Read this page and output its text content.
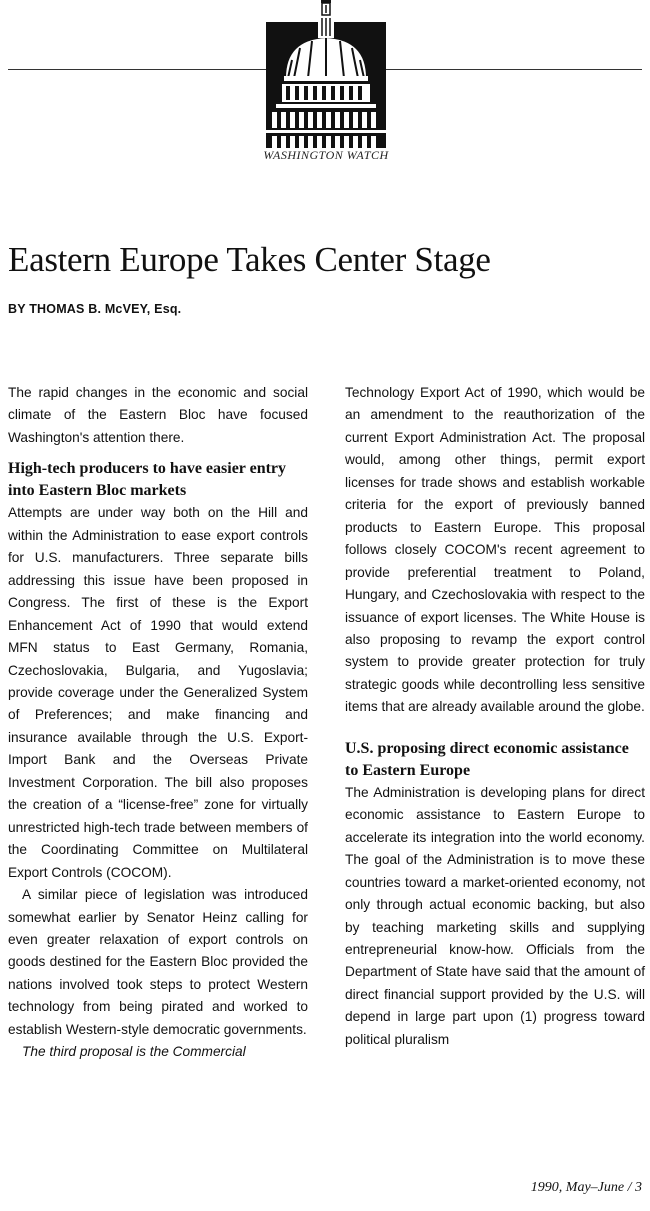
WASHINGTON WATCH
Eastern Europe Takes Center Stage
BY THOMAS B. McVEY, Esq.

The rapid changes in the economic and social climate of the Eastern Bloc have focused Washington's attention there.

High-tech producers to have easier entry into Eastern Bloc markets

Attempts are under way both on the Hill and within the Administration to ease export controls for U.S. manufacturers. Three separate bills addressing this issue have been proposed in Congress. The first of these is the Export Enhancement Act of 1990 that would extend MFN status to East Germany, Romania, Czechoslovakia, Bulgaria, and Yugoslavia; provide coverage under the Generalized System of Preferences; and make financing and insurance available through the U.S. Export-Import Bank and the Overseas Private Investment Corporation. The bill also proposes the creation of a “license-free” zone for virtually unrestricted high-tech trade between members of the Coordinating Committee on Multilateral Export Controls (COCOM).

A similar piece of legislation was introduced somewhat earlier by Senator Heinz calling for even greater relaxation of export controls on goods destined for the Eastern Bloc provided the nations involved took steps to protect Western technology from being pirated and worked to establish Western-style democratic governments.

The third proposal is the Commercial

Technology Export Act of 1990, which would be an amendment to the reauthorization of the current Export Administration Act. The proposal would, among other things, permit export licenses for trade shows and establish workable criteria for the export of previously banned products to Eastern Europe. This proposal follows closely COCOM's recent agreement to provide preferential treatment to Poland, Hungary, and Czechoslovakia with respect to the issuance of export licenses. The White House is also proposing to revamp the export control system to provide greater protection for truly strategic goods while decontrolling less sensitive items that are already available around the globe.

U.S. proposing direct economic assistance to Eastern Europe

The Administration is developing plans for direct economic assistance to Eastern Europe to accelerate its integration into the world economy. The goal of the Administration is to move these countries toward a market-oriented economy, not only through actual economic backing, but also by teaching marketing skills and supplying entrepreneurial know-how. Officials from the Department of State have said that the amount of direct financial support provided by the U.S. will depend in large part upon (1) progress toward political pluralism

1990, May–June / 3
